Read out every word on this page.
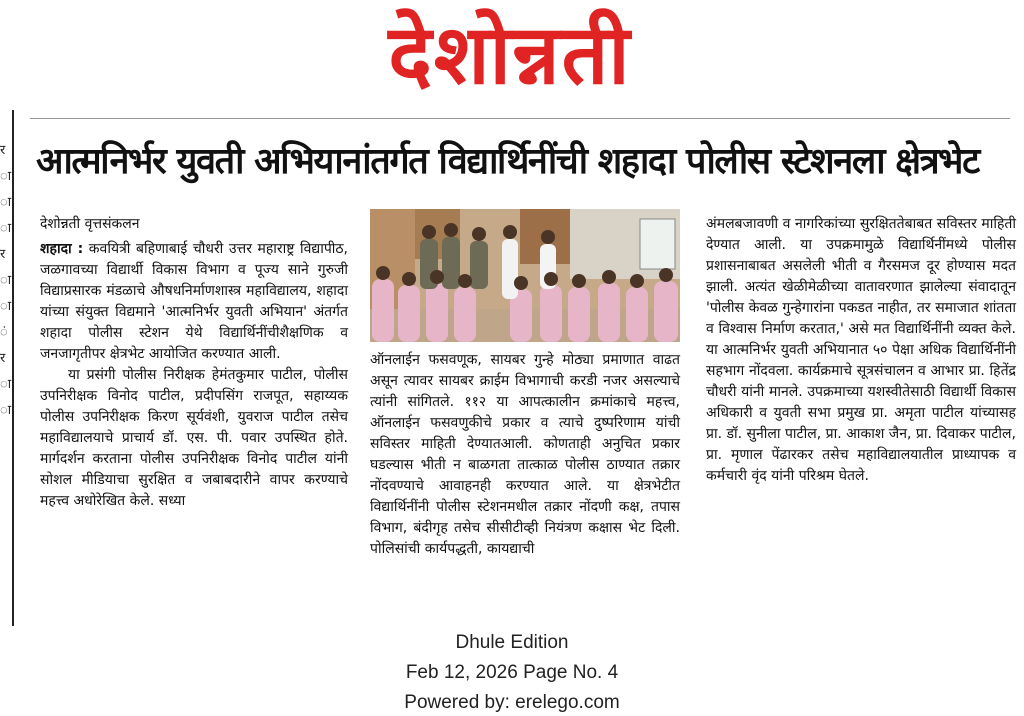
देशोन्नती
र
ा
ा
ा
र
ा
ा
ं
र
ा
ा
आत्मनिर्भर युवती अभियानांतर्गत विद्यार्थिनींची शहादा पोलीस स्टेशनला क्षेत्रभेट

देशोन्नती वृत्तसंकलन

शहादा : कवयित्री बहिणाबाई चौधरी उत्तर महाराष्ट्र विद्यापीठ, जळगावच्या विद्यार्थी विकास विभाग व पूज्य साने गुरुजी विद्याप्रसारक मंडळाचे औषधनिर्माणशास्त्र महाविद्यालय, शहादा यांच्या संयुक्त विद्यमाने 'आत्मनिर्भर युवती अभियान' अंतर्गत शहादा पोलीस स्टेशन येथे विद्यार्थिनींचीशैक्षणिक व जनजागृतीपर क्षेत्रभेट आयोजित करण्यात आली.

या प्रसंगी पोलीस निरीक्षक हेमंतकुमार पाटील, पोलीस उपनिरीक्षक विनोद पाटील, प्रदीपसिंग राजपूत, सहाय्यक पोलीस उपनिरीक्षक किरण सूर्यवंशी, युवराज पाटील तसेच महाविद्यालयाचे प्राचार्य डॉ. एस. पी. पवार उपस्थित होते. मार्गदर्शन करताना पोलीस उपनिरीक्षक विनोद पाटील यांनी सोशल मीडियाचा सुरक्षित व जबाबदारीने वापर करण्याचे महत्त्व अधोरेखित केले. सध्या

ऑनलाईन फसवणूक, सायबर गुन्हे मोठ्या प्रमाणात वाढत असून त्यावर सायबर क्राईम विभागाची करडी नजर असल्याचे त्यांनी सांगितले. ११२ या आपत्कालीन क्रमांकाचे महत्त्व, ऑनलाईन फसवणुकीचे प्रकार व त्याचे दुष्परिणाम यांची सविस्तर माहिती देण्यातआली. कोणताही अनुचित प्रकार घडल्यास भीती न बाळगता तात्काळ पोलीस ठाण्यात तक्रार नोंदवण्याचे आवाहनही करण्यात आले. या क्षेत्रभेटीत विद्यार्थिनींनी पोलीस स्टेशनमधील तक्रार नोंदणी कक्ष, तपास विभाग, बंदीगृह तसेच सीसीटीव्ही नियंत्रण कक्षास भेट दिली. पोलिसांची कार्यपद्धती, कायद्याची

अंमलबजावणी व नागरिकांच्या सुरक्षिततेबाबत सविस्तर माहिती देण्यात आली. या उपक्रमामुळे विद्यार्थिनींमध्ये पोलीस प्रशासनाबाबत असलेली भीती व गैरसमज दूर होण्यास मदत झाली. अत्यंत खेळीमेळीच्या वातावरणात झालेल्या संवादातून 'पोलीस केवळ गुन्हेगारांना पकडत नाहीत, तर समाजात शांतता व विश्वास निर्माण करतात,' असे मत विद्यार्थिनींनी व्यक्त केले. या आत्मनिर्भर युवती अभियानात ५० पेक्षा अधिक विद्यार्थिनींनी सहभाग नोंदवला. कार्यक्रमाचे सूत्रसंचालन व आभार प्रा. हितेंद्र चौधरी यांनी मानले. उपक्रमाच्या यशस्वीतेसाठी विद्यार्थी विकास अधिकारी व युवती सभा प्रमुख प्रा. अमृता पाटील यांच्यासह प्रा. डॉ. सुनीला पाटील, प्रा. आकाश जैन, प्रा. दिवाकर पाटील, प्रा. मृणाल पेंढारकर तसेच महाविद्यालयातील प्राध्यापक व कर्मचारी वृंद यांनी परिश्रम घेतले.

Dhule Edition
Feb 12, 2026 Page No. 4
Powered by: erelego.com
